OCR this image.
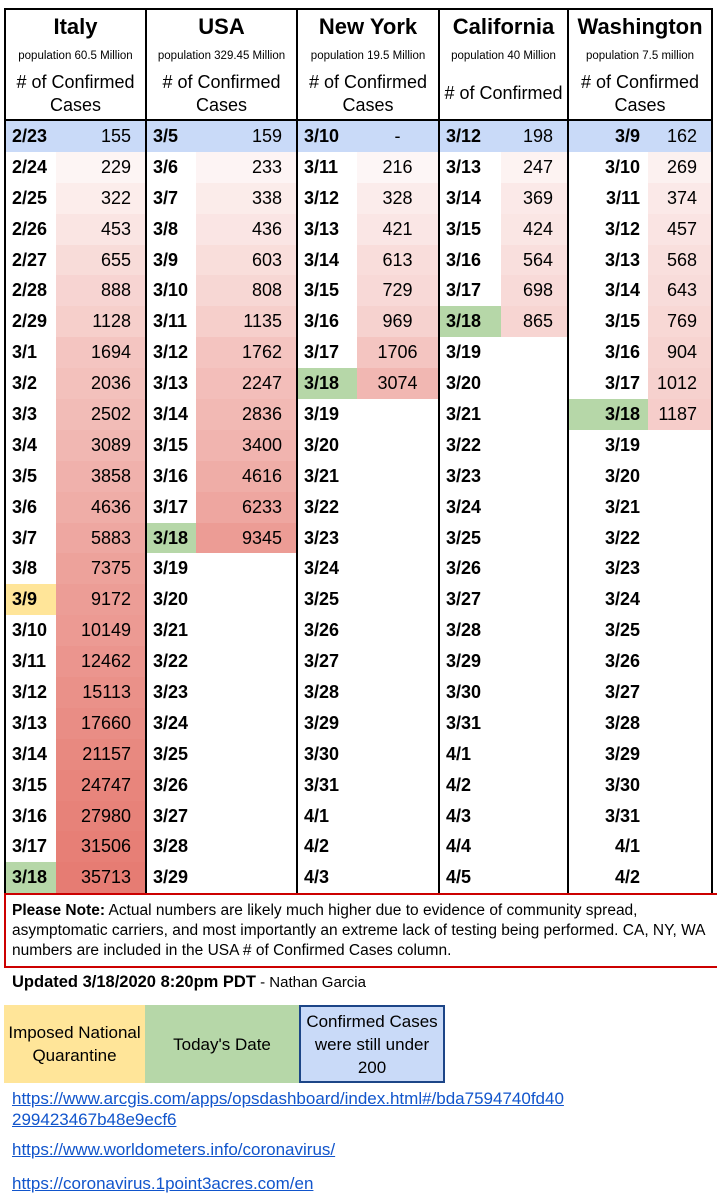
Italy		USA		New York		California		Washington	
population 60.5 Million		population 329.45 Million		population 19.5 Million		population 40 Million		population 7.5 million	
# of Confirmed Cases		# of Confirmed Cases		# of Confirmed Cases		# of Confirmed		# of Confirmed Cases	
2/23	155	3/5	159	3/10	-	3/12	198	3/9	162
2/24	229	3/6	233	3/11	216	3/13	247	3/10	269
2/25	322	3/7	338	3/12	328	3/14	369	3/11	374
2/26	453	3/8	436	3/13	421	3/15	424	3/12	457
2/27	655	3/9	603	3/14	613	3/16	564	3/13	568
2/28	888	3/10	808	3/15	729	3/17	698	3/14	643
2/29	1128	3/11	1135	3/16	969	3/18	865	3/15	769
3/1	1694	3/12	1762	3/17	1706	3/19		3/16	904
3/2	2036	3/13	2247	3/18	3074	3/20		3/17	1012
3/3	2502	3/14	2836	3/19		3/21		3/18	1187
3/4	3089	3/15	3400	3/20		3/22		3/19	
3/5	3858	3/16	4616	3/21		3/23		3/20	
3/6	4636	3/17	6233	3/22		3/24		3/21	
3/7	5883	3/18	9345	3/23		3/25		3/22	
3/8	7375	3/19		3/24		3/26		3/23	
3/9	9172	3/20		3/25		3/27		3/24	
3/10	10149	3/21		3/26		3/28		3/25	
3/11	12462	3/22		3/27		3/29		3/26	
3/12	15113	3/23		3/28		3/30		3/27	
3/13	17660	3/24		3/29		3/31		3/28	
3/14	21157	3/25		3/30		4/1		3/29	
3/15	24747	3/26		3/31		4/2		3/30	
3/16	27980	3/27		4/1		4/3		3/31	
3/17	31506	3/28		4/2		4/4		4/1	
3/18	35713	3/29		4/3		4/5		4/2	
Please Note: Actual numbers are likely much higher due to evidence of community spread, asymptomatic carriers, and most importantly an extreme lack of testing being performed. CA, NY, WA numbers are included in the USA # of Confirmed Cases column.
Updated 3/18/2020 8:20pm PDT - Nathan Garcia
Imposed National Quarantine
Today's Date
Confirmed Cases were still under 200
https://www.arcgis.com/apps/opsdashboard/index.html#/bda7594740fd40299423467b48e9ecf6
https://www.worldometers.info/coronavirus/
https://coronavirus.1point3acres.com/en
